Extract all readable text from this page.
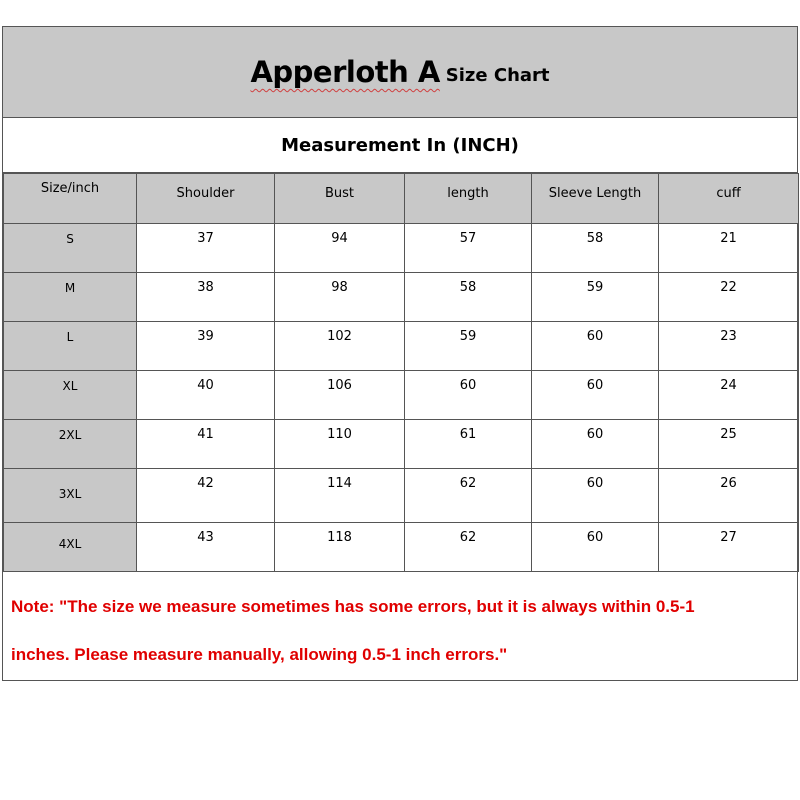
Apperloth A Size Chart
Measurement In (INCH)
Size/inch	Shoulder	Bust	length	Sleeve Length	cuff
S	37	94	57	58	21
M	38	98	58	59	22
L	39	102	59	60	23
XL	40	106	60	60	24
2XL	41	110	61	60	25
3XL	42	114	62	60	26
4XL	43	118	62	60	27
Note: "The size we measure sometimes has some errors, but it is always within 0.5-1
inches. Please measure manually, allowing 0.5-1 inch errors."
